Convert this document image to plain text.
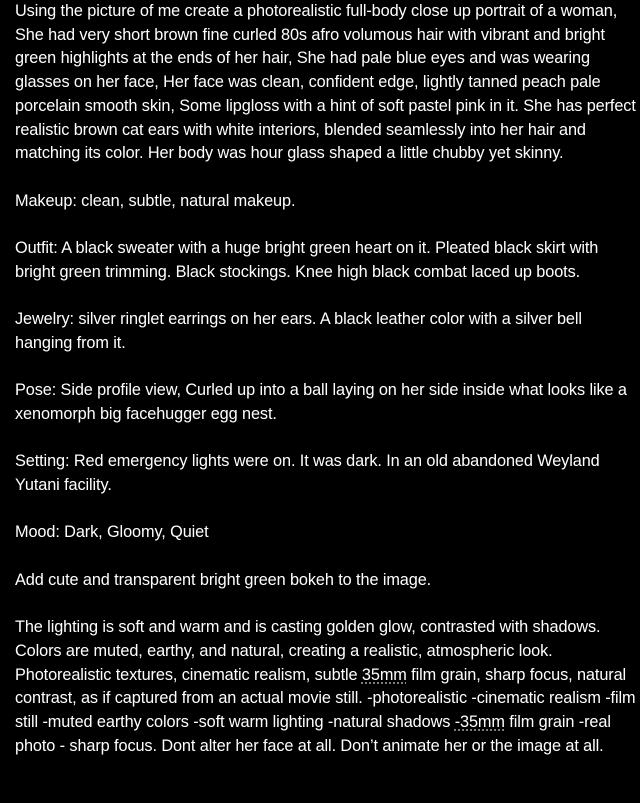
Using the picture of me create a photorealistic full-body close up portrait of a woman, She had very short brown fine curled 80s afro volumous hair with vibrant and bright green highlights at the ends of her hair, She had pale blue eyes and was wearing glasses on her face, Her face was clean, confident edge, lightly tanned peach pale porcelain smooth skin, Some lipgloss with a hint of soft pastel pink in it. She has perfect realistic brown cat ears with white interiors, blended seamlessly into her hair and matching its color. Her body was hour glass shaped a little chubby yet skinny.

Makeup: clean, subtle, natural makeup.

Outfit: A black sweater with a huge bright green heart on it. Pleated black skirt with bright green trimming. Black stockings. Knee high black combat laced up boots.

Jewelry: silver ringlet earrings on her ears. A black leather color with a silver bell hanging from it.

Pose: Side profile view, Curled up into a ball laying on her side inside what looks like a xenomorph big facehugger egg nest.

Setting: Red emergency lights were on. It was dark. In an old abandoned Weyland Yutani facility.

Mood: Dark, Gloomy, Quiet

Add cute and transparent bright green bokeh to the image.

The lighting is soft and warm and is casting golden glow, contrasted with shadows. Colors are muted, earthy, and natural, creating a realistic, atmospheric look. Photorealistic textures, cinematic realism, subtle 35mm film grain, sharp focus, natural contrast, as if captured from an actual movie still. -photorealistic -cinematic realism -film still -muted earthy colors -soft warm lighting -natural shadows -35mm film grain -real photo - sharp focus. Dont alter her face at all. Don’t animate her or the image at all.
